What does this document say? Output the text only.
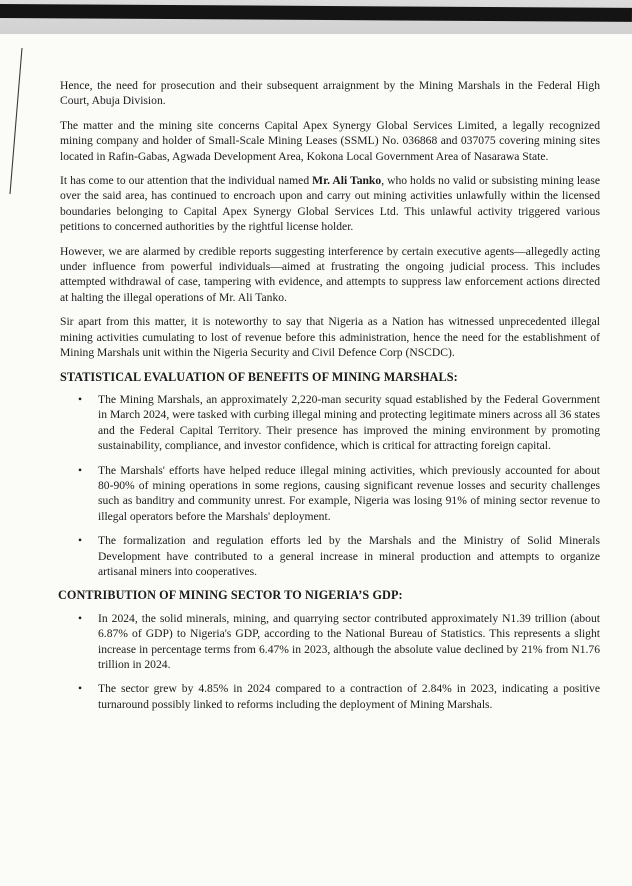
Hence, the need for prosecution and their subsequent arraignment by the Mining Marshals in the Federal High Court, Abuja Division.

The matter and the mining site concerns Capital Apex Synergy Global Services Limited, a legally recognized mining company and holder of Small-Scale Mining Leases (SSML) No. 036868 and 037075 covering mining sites located in Rafin-Gabas, Agwada Development Area, Kokona Local Government Area of Nasarawa State.

It has come to our attention that the individual named Mr. Ali Tanko, who holds no valid or subsisting mining lease over the said area, has continued to encroach upon and carry out mining activities unlawfully within the licensed boundaries belonging to Capital Apex Synergy Global Services Ltd. This unlawful activity triggered various petitions to concerned authorities by the rightful license holder.

However, we are alarmed by credible reports suggesting interference by certain executive agents—allegedly acting under influence from powerful individuals—aimed at frustrating the ongoing judicial process. This includes attempted withdrawal of case, tampering with evidence, and attempts to suppress law enforcement actions directed at halting the illegal operations of Mr. Ali Tanko.

Sir apart from this matter, it is noteworthy to say that Nigeria as a Nation has witnessed unprecedented illegal mining activities cumulating to lost of revenue before this administration, hence the need for the establishment of Mining Marshals unit within the Nigeria Security and Civil Defence Corp (NSCDC).

STATISTICAL EVALUATION OF BENEFITS OF MINING MARSHALS:
• The Mining Marshals, an approximately 2,220-man security squad established by the Federal Government in March 2024, were tasked with curbing illegal mining and protecting legitimate miners across all 36 states and the Federal Capital Territory. Their presence has improved the mining environment by promoting sustainability, compliance, and investor confidence, which is critical for attracting foreign capital.
• The Marshals' efforts have helped reduce illegal mining activities, which previously accounted for about 80-90% of mining operations in some regions, causing significant revenue losses and security challenges such as banditry and community unrest. For example, Nigeria was losing 91% of mining sector revenue to illegal operators before the Marshals' deployment.
• The formalization and regulation efforts led by the Marshals and the Ministry of Solid Minerals Development have contributed to a general increase in mineral production and attempts to organize artisanal miners into cooperatives.
CONTRIBUTION OF MINING SECTOR TO NIGERIA’S GDP:
• In 2024, the solid minerals, mining, and quarrying sector contributed approximately N1.39 trillion (about 6.87% of GDP) to Nigeria's GDP, according to the National Bureau of Statistics. This represents a slight increase in percentage terms from 6.47% in 2023, although the absolute value declined by 21% from N1.76 trillion in 2024.
• The sector grew by 4.85% in 2024 compared to a contraction of 2.84% in 2023, indicating a positive turnaround possibly linked to reforms including the deployment of Mining Marshals.
